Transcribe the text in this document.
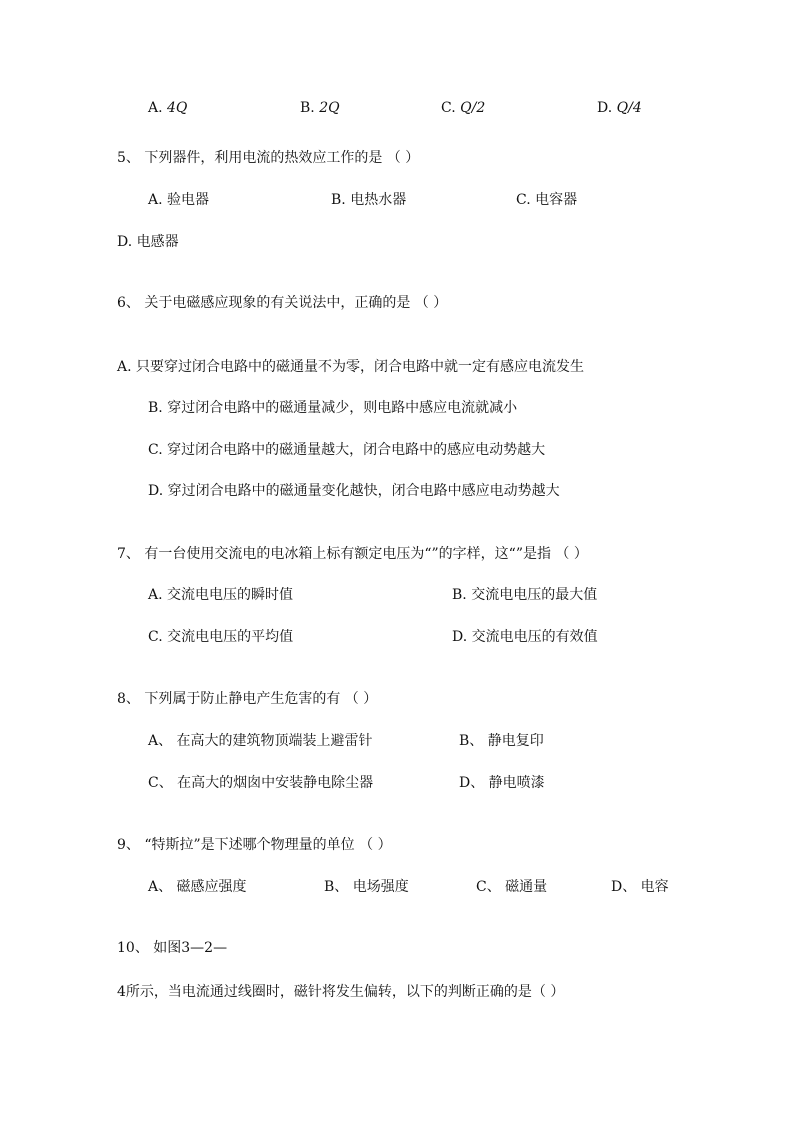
A. 4Q	B. 2Q	C. Q/2	D. Q/4
5、 下列器件，利用电流的热效应工作的是 （ ）
A. 验电器	B. 电热水器	C. 电容器
D. 电感器
6、 关于电磁感应现象的有关说法中，正确的是 （ ）
A. 只要穿过闭合电路中的磁通量不为零，闭合电路中就一定有感应电流发生
B. 穿过闭合电路中的磁通量减少，则电路中感应电流就减小
C. 穿过闭合电路中的磁通量越大，闭合电路中的感应电动势越大
D. 穿过闭合电路中的磁通量变化越快，闭合电路中感应电动势越大
7、 有一台使用交流电的电冰箱上标有额定电压为“”的字样，这“”是指 （ ）
A. 交流电电压的瞬时值	B. 交流电电压的最大值
C. 交流电电压的平均值	D. 交流电电压的有效值
8、 下列属于防止静电产生危害的有 （ ）
A、 在高大的建筑物顶端装上避雷针	B、 静电复印
C、 在高大的烟囱中安装静电除尘器	D、 静电喷漆
9、 “特斯拉”是下述哪个物理量的单位 （ ）
A、 磁感应强度	B、 电场强度	C、 磁通量	D、 电容
10、 如图3—2—
4所示，当电流通过线圈时，磁针将发生偏转，以下的判断正确的是（ ）
